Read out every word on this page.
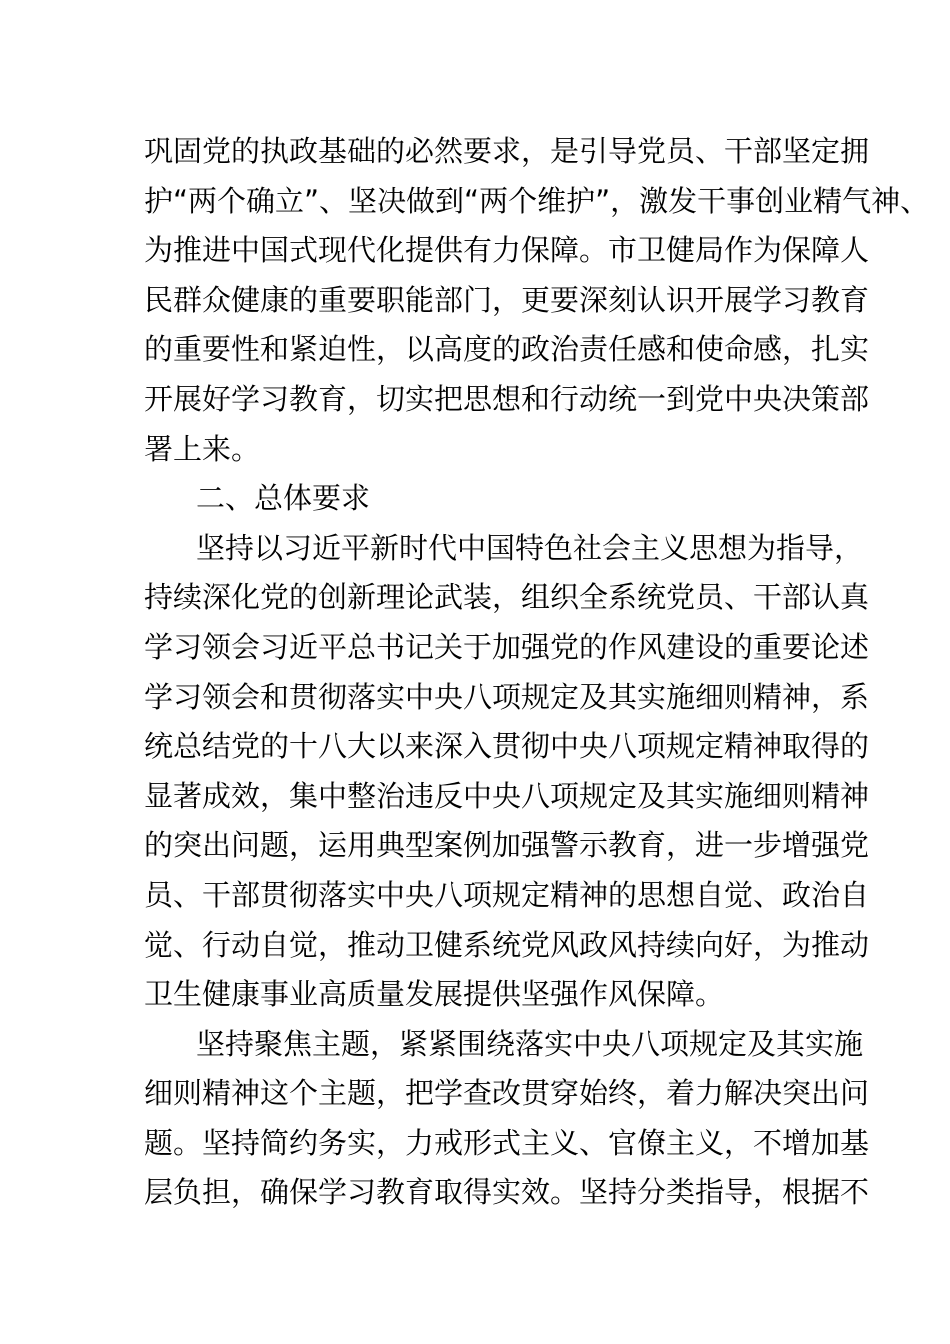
巩固党的执政基础的必然要求，是引导党员、干部坚定拥
护“两个确立”、坚决做到“两个维护”，激发干事创业精气神、
为推进中国式现代化提供有力保障。市卫健局作为保障人
民群众健康的重要职能部门，更要深刻认识开展学习教育
的重要性和紧迫性，以高度的政治责任感和使命感，扎实
开展好学习教育，切实把思想和行动统一到党中央决策部
署上来。
二、总体要求
坚持以习近平新时代中国特色社会主义思想为指导，
持续深化党的创新理论武装，组织全系统党员、干部认真
学习领会习近平总书记关于加强党的作风建设的重要论述
学习领会和贯彻落实中央八项规定及其实施细则精神，系
统总结党的十八大以来深入贯彻中央八项规定精神取得的
显著成效，集中整治违反中央八项规定及其实施细则精神
的突出问题，运用典型案例加强警示教育，进一步增强党
员、干部贯彻落实中央八项规定精神的思想自觉、政治自
觉、行动自觉，推动卫健系统党风政风持续向好，为推动
卫生健康事业高质量发展提供坚强作风保障。
坚持聚焦主题，紧紧围绕落实中央八项规定及其实施
细则精神这个主题，把学查改贯穿始终，着力解决突出问
题。坚持简约务实，力戒形式主义、官僚主义，不增加基
层负担，确保学习教育取得实效。坚持分类指导，根据不
